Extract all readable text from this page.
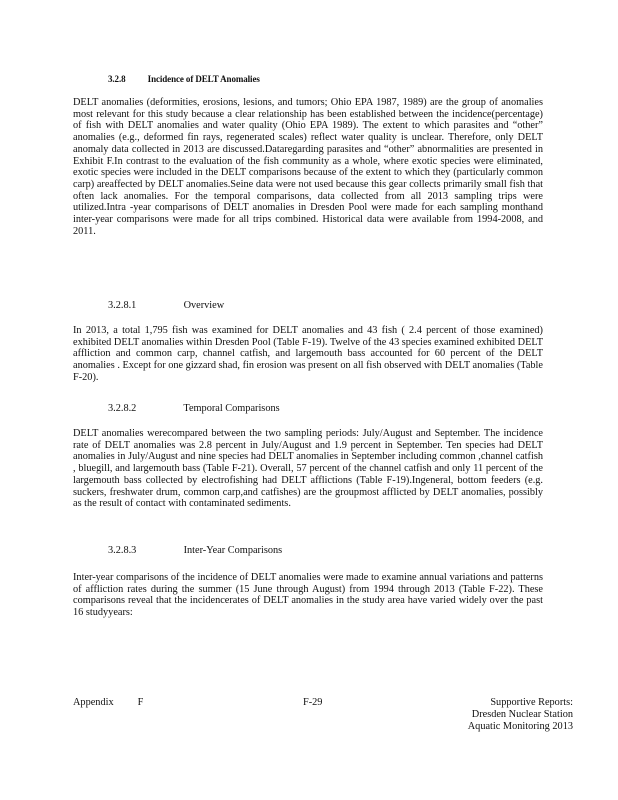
3.2.8 Incidence of DELT Anomalies

DELT anomalies (deformities, erosions, lesions, and tumors; Ohio EPA 1987, 1989) are the group of anomalies most relevant for this study because a clear relationship has been established between the incidence(percentage) of fish with DELT anomalies and water quality (Ohio EPA 1989). The extent to which parasites and “other” anomalies (e.g., deformed fin rays, regenerated scales) reflect water quality is unclear. Therefore, only DELT anomaly data collected in 2013 are discussed.Dataregarding parasites and “other” abnormalities are presented in Exhibit F.In contrast to the evaluation of the fish community as a whole, where exotic species were eliminated, exotic species were included in the DELT comparisons because of the extent to which they (particularly common carp) areaffected by DELT anomalies.Seine data were not used because this gear collects primarily small fish that often lack anomalies. For the temporal comparisons, data collected from all 2013 sampling trips were utilized.Intra -year comparisons of DELT anomalies in Dresden Pool were made for each sampling monthand inter-year comparisons were made for all trips combined. Historical data were available from 1994-2008, and 2011.

3.2.8.1	Overview

In 2013, a total 1,795 fish was examined for DELT anomalies and 43 fish ( 2.4 percent of those examined) exhibited DELT anomalies within Dresden Pool (Table F-19). Twelve of the 43 species examined exhibited DELT affliction and common carp, channel catfish, and largemouth bass accounted for 60 percent of the DELT anomalies . Except for one gizzard shad, fin erosion was present on all fish observed with DELT anomalies (Table F-20).

3.2.8.2	Temporal Comparisons

DELT anomalies werecompared between the two sampling periods: July/August and September. The incidence rate of DELT anomalies was 2.8 percent in July/August and 1.9 percent in September. Ten species had DELT anomalies in July/August and nine species had DELT anomalies in September including common ,channel catfish , bluegill, and largemouth bass (Table F-21). Overall, 57 percent of the channel catfish and only 11 percent of the largemouth bass collected by electrofishing had DELT afflictions (Table F-19).Ingeneral, bottom feeders (e.g. suckers, freshwater drum, common carp,and catfishes) are the groupmost afflicted by DELT anomalies, possibly as the result of contact with contaminated sediments.

3.2.8.3	Inter-Year Comparisons

Inter-year comparisons of the incidence of DELT anomalies were made to examine annual variations and patterns of affliction rates during the summer (15 June through August) from 1994 through 2013 (Table F-22). These comparisons reveal that the incidencerates of DELT anomalies in the study area have varied widely over the past 16 studyyears:

Appendix F	F-29	Supportive Reports:
Dresden Nuclear Station
Aquatic Monitoring 2013
